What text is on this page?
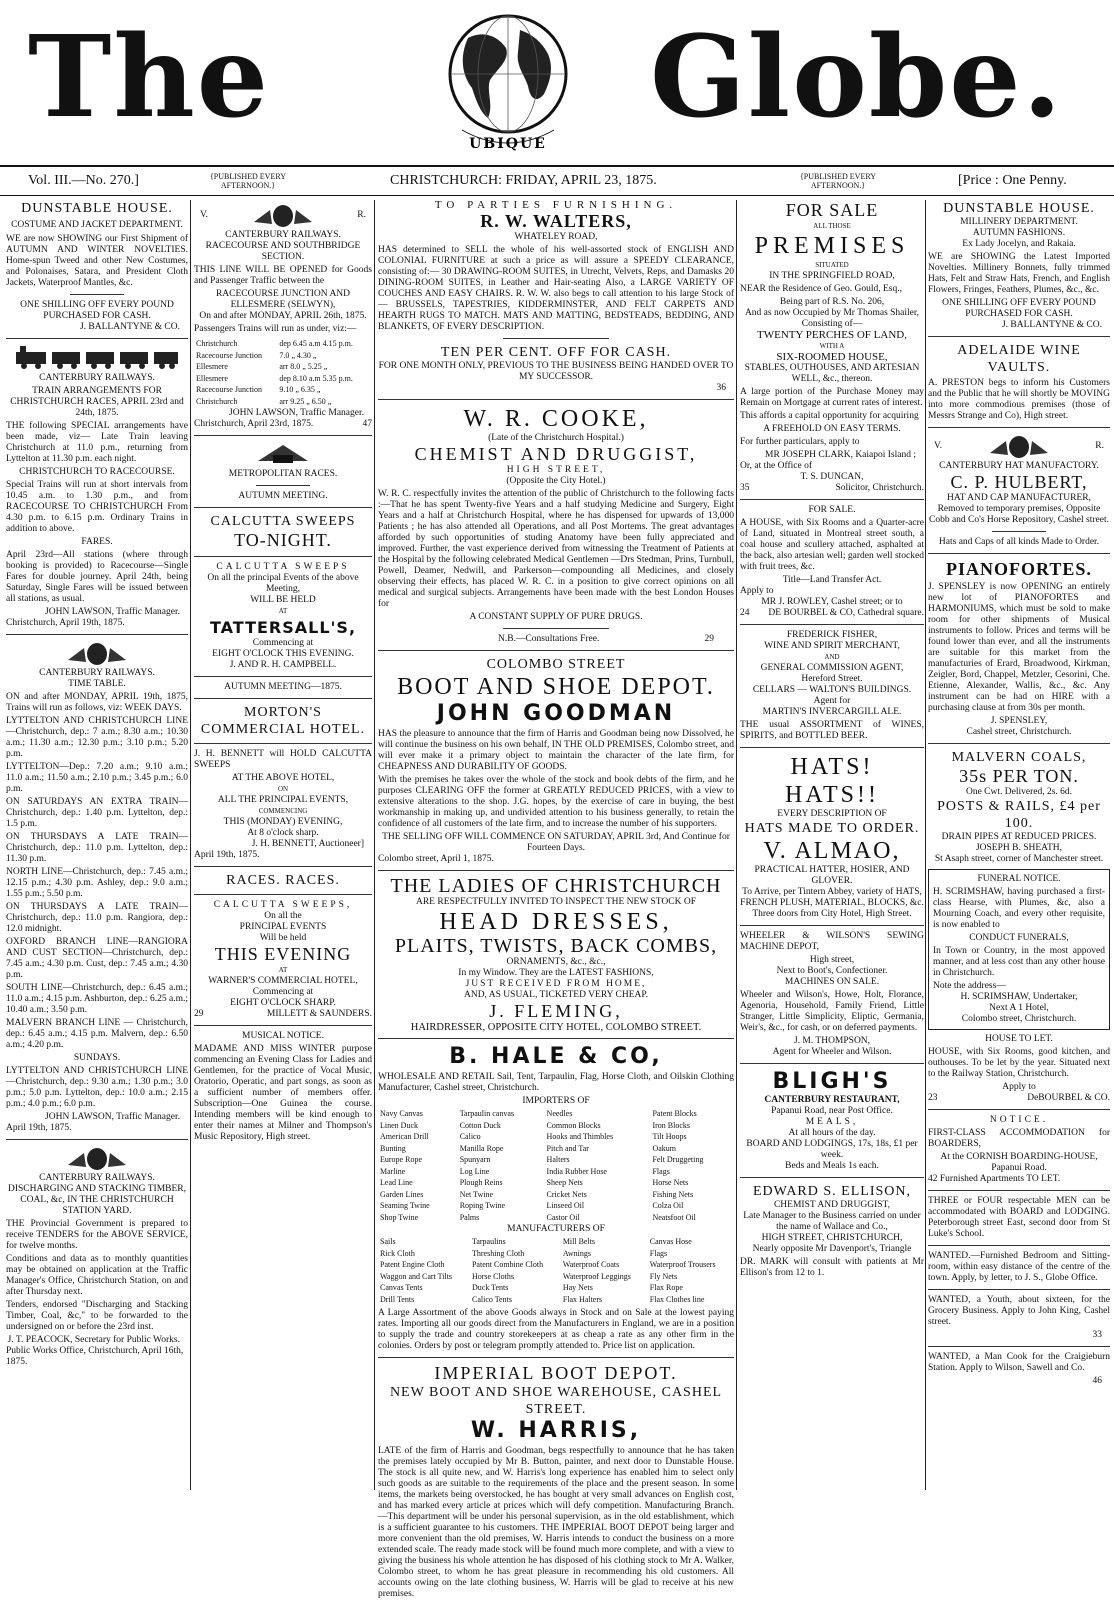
The
UBIQUE
Globe.
Vol. III.—No. 270.]	{PUBLISHED EVERY AFTERNOON.}	CHRISTCHURCH: FRIDAY, APRIL 23, 1875.	{PUBLISHED EVERY AFTERNOON.}	[Price : One Penny.
DUNSTABLE HOUSE.
COSTUME AND JACKET DEPARTMENT.
WE are now SHOWING our First Shipment of AUTUMN AND WINTER NOVELTIES. Home-spun Tweed and other New Costumes, and Polonaises, Satara, and President Cloth Jackets, Waterproof Mantles, &c.
ONE SHILLING OFF EVERY POUND PURCHASED FOR CASH.
J. BALLANTYNE & CO.
CANTERBURY RAILWAYS.
TRAIN ARRANGEMENTS FOR CHRISTCHURCH RACES, APRIL 23rd and 24th, 1875.
THE following SPECIAL arrangements have been made, viz— Late Train leaving Christchurch at 11.0 p.m., returning from Lyttelton at 11.30 p.m. each night.
CHRISTCHURCH TO RACECOURSE.
Special Trains will run at short intervals from 10.45 a.m. to 1.30 p.m., and from RACECOURSE TO CHRISTCHURCH From 4.30 p.m. to 6.15 p.m. Ordinary Trains in addition to above.
FARES.
April 23rd—All stations (where through booking is provided) to Racecourse—Single Fares for double journey. April 24th, being Saturday, Single Fares will be issued between all stations, as usual.
JOHN LAWSON, Traffic Manager.
Christchurch, April 19th, 1875.
CANTERBURY RAILWAYS.
TIME TABLE.
ON and after MONDAY, APRIL 19th, 1875, Trains will run as follows, viz: WEEK DAYS.
LYTTELTON AND CHRISTCHURCH LINE—Christchurch, dep.: 7 a.m.; 8.30 a.m.; 10.30 a.m.; 11.30 a.m.; 12.30 p.m.; 3.10 p.m.; 5.20 p.m.
LYTTELTON—Dep.: 7.20 a.m.; 9.10 a.m.; 11.0 a.m.; 11.50 a.m.; 2.10 p.m.; 3.45 p.m.; 6.0 p.m.
ON SATURDAYS AN EXTRA TRAIN—Christchurch, dep.: 1.40 p.m. Lyttelton, dep.: 1.5 p.m.
ON THURSDAYS A LATE TRAIN—Christchurch, dep.: 11.0 p.m. Lyttelton, dep.: 11.30 p.m.
NORTH LINE—Christchurch, dep.: 7.45 a.m.; 12.15 p.m.; 4.30 p.m. Ashley, dep.: 9.0 a.m.; 1.55 p.m.; 5.50 p.m.
ON THURSDAYS A LATE TRAIN—Christchurch, dep.: 11.0 p.m. Rangiora, dep.: 12.0 midnight.
OXFORD BRANCH LINE—RANGIORA AND CUST SECTION—Christchurch, dep.: 7.45 a.m.; 4.30 p.m. Cust, dep.: 7.45 a.m.; 4.30 p.m.
SOUTH LINE—Christchurch, dep.: 6.45 a.m.; 11.0 a.m.; 4.15 p.m. Ashburton, dep.: 6.25 a.m.; 10.40 a.m.; 3.50 p.m.
MALVERN BRANCH LINE — Christchurch, dep.: 6.45 a.m.; 4.15 p.m. Malvern, dep.: 6.50 a.m.; 4.20 p.m.
SUNDAYS.
LYTTELTON AND CHRISTCHURCH LINE—Christchurch, dep.: 9.30 a.m.; 1.30 p.m.; 3.0 p.m.; 5.0 p.m. Lyttelton, dep.: 10.0 a.m.; 2.15 p.m.; 4.0 p.m.; 6.0 p.m.
JOHN LAWSON, Traffic Manager.
April 19th, 1875.
CANTERBURY RAILWAYS.
DISCHARGING AND STACKING TIMBER, COAL, &c, IN THE CHRISTCHURCH STATION YARD.
THE Provincial Government is prepared to receive TENDERS for the ABOVE SERVICE, for twelve months.
Conditions and data as to monthly quantities may be obtained on application at the Traffic Manager's Office, Christchurch Station, on and after Thursday next.
Tenders, endorsed "Discharging and Stacking Timber, Coal, &c," to be forwarded to the undersigned on or before the 23rd inst.
J. T. PEACOCK, Secretary for Public Works.
Public Works Office, Christchurch, April 16th, 1875.
V.	R.
CANTERBURY RAILWAYS.
RACECOURSE AND SOUTHBRIDGE SECTION.
THIS LINE WILL BE OPENED for Goods and Passenger Traffic between the
RACECOURSE JUNCTION AND ELLESMERE (SELWYN),
On and after MONDAY, APRIL 26th, 1875.
Passengers Trains will run as under, viz:—
Christchurch	dep 6.45 a.m 4.15 p.m.
Racecourse Junction	7.0 „ 4.30 „
Ellesmere	arr 8.0 „ 5.25 „
Ellesmere	dep 8.10 a.m 5.35 p.m.
Racecourse Junction	9.10 „ 6.35 „
Christchurch	arr 9.25 „ 6.50 „
JOHN LAWSON, Traffic Manager.
Christchurch, April 23rd, 1875.	47
METROPOLITAN RACES.
AUTUMN MEETING.
CALCUTTA SWEEPS
TO-NIGHT.
CALCUTTA SWEEPS
On all the principal Events of the above Meeting,
WILL BE HELD
AT
TATTERSALL'S,
Commencing at
EIGHT O'CLOCK THIS EVENING.
J. AND R. H. CAMPBELL.
AUTUMN MEETING—1875.
MORTON'S
COMMERCIAL HOTEL.
J. H. BENNETT will HOLD CALCUTTA SWEEPS
AT THE ABOVE HOTEL,
ON
ALL THE PRINCIPAL EVENTS,
COMMENCING
THIS (MONDAY) EVENING,
At 8 o'clock sharp.
J. H. BENNETT, Auctioneer]
April 19th, 1875.
RACES. RACES.
CALCUTTA SWEEPS,
On all the
PRINCIPAL EVENTS
Will be held
THIS EVENING
AT
WARNER'S COMMERCIAL HOTEL,
Commencing at
EIGHT O'CLOCK SHARP.
29	MILLETT & SAUNDERS.
MUSICAL NOTICE.
MADAME AND MISS WINTER purpose commencing an Evening Class for Ladies and Gentlemen, for the practice of Vocal Music, Oratorio, Operatic, and part songs, as soon as a sufficient number of members offer. Subscription—One Guinea the course. Intending members will be kind enough to enter their names at Milner and Thompson's Music Repository, High street.
TO PARTIES FURNISHING.
R. W. WALTERS,
WHATELEY ROAD,
HAS determined to SELL the whole of his well-assorted stock of ENGLISH AND COLONIAL FURNITURE at such a price as will assure a SPEEDY CLEARANCE, consisting of:— 30 DRAWING-ROOM SUITES, in Utrecht, Velvets, Reps, and Damasks 20 DINING-ROOM SUITES, in Leather and Hair-seating Also, a LARGE VARIETY OF COUCHES AND EASY CHAIRS. R. W. W. also begs to call attention to his large Stock of— BRUSSELS, TAPESTRIES, KIDDERMINSTER, AND FELT CARPETS AND HEARTH RUGS TO MATCH. MATS AND MATTING, BEDSTEADS, BEDDING, AND BLANKETS, OF EVERY DESCRIPTION.
TEN PER CENT. OFF FOR CASH.
FOR ONE MONTH ONLY, PREVIOUS TO THE BUSINESS BEING HANDED OVER TO MY SUCCESSOR.
36
W. R. COOKE,
(Late of the Christchurch Hospital.)
CHEMIST AND DRUGGIST,
HIGH STREET,
(Opposite the City Hotel.)
W. R. C. respectfully invites the attention of the public of Christchurch to the following facts :—That he has spent Twenty-five Years and a half studying Medicine and Surgery, Eight Years and a half at Christchurch Hospital, where he has dispensed for upwards of 13,000 Patients ; he has also attended all Operations, and all Post Mortems. The great advantages afforded by such opportunities of studing Anatomy have been fully appreciated and improved. Further, the vast experience derived from witnessing the Treatment of Patients at the Hospital by the following celebrated Medical Gentlemen —Drs Stedman, Prins, Turnbull, Powell, Deamer, Nedwill, and Parkerson—compounding all Medicines, and closely observing their effects, has placed W. R. C. in a position to give correct opinions on all medical and surgical subjects. Arrangements have been made with the best London Houses for
A CONSTANT SUPPLY OF PURE DRUGS.
N.B.—Consultations Free.	29
COLOMBO STREET
BOOT AND SHOE DEPOT.
JOHN GOODMAN
HAS the pleasure to announce that the firm of Harris and Goodman being now Dissolved, he will continue the business on his own behalf, IN THE OLD PREMISES, Colombo street, and will ever make it a primary object to maintain the character of the late firm, for CHEAPNESS AND DURABILITY OF GOODS.
With the premises he takes over the whole of the stock and book debts of the firm, and he purposes CLEARING OFF the former at GREATLY REDUCED PRICES, with a view to extensive alterations to the shop. J.G. hopes, by the exercise of care in buying, the best workmanship in making up, and undivided attention to his business generally, to retain the confidence of all customers of the late firm, and to increase the number of his supporters.
THE SELLING OFF WILL COMMENCE ON SATURDAY, APRIL 3rd, And Continue for Fourteen Days.
Colombo street, April 1, 1875.
THE LADIES OF CHRISTCHURCH
ARE RESPECTFULLY INVITED TO INSPECT THE NEW STOCK OF
HEAD DRESSES,
PLAITS, TWISTS, BACK COMBS,
ORNAMENTS, &c., &c.,
In my Window. They are the LATEST FASHIONS,
JUST RECEIVED FROM HOME,
AND, AS USUAL, TICKETED VERY CHEAP.
J. FLEMING,
HAIRDRESSER, OPPOSITE CITY HOTEL, COLOMBO STREET.
B. HALE & CO,
WHOLESALE AND RETAIL Sail, Tent, Tarpaulin, Flag, Horse Cloth, and Oilskin Clothing Manufacturer, Cashel street, Christchurch.
IMPORTERS OF
Navy Canvas	Tarpaulin canvas	Needles	Patent Blocks
Linen Duck	Cotton Duck	Common Blocks	Iron Blocks
American Drill	Calico	Hooks and Thimbles	Tilt Hoops
Bunting	Manilla Rope	Pitch and Tar	Oakum
Europe Rope	Spunyarn	Halters	Felt Druggeting
Marline	Log Line	India Rubber Hose	Flags
Lead Line	Plough Reins	Sheep Nets	Horse Nets
Garden Lines	Net Twine	Cricket Nets	Fishing Nets
Seaming Twine	Roping Twine	Linseed Oil	Colza Oil
Shop Twine	Palms	Castor Oil	Neatsfoot Oil
MANUFACTURERS OF
Sails	Tarpaulins	Mill Belts	Canvas Hose
Rick Cloth	Threshing Cloth	Awnings	Flags
Patent Engine Cloth	Patent Combine Cloth	Waterproof Coats	Waterproof Trousers
Waggon and Cart Tilts	Horse Cloths	Waterproof Leggings	Fly Nets
Canvas Tents	Duck Tents	Hay Nets	Flax Rope
Drill Tents	Calico Tents	Flax Halters	Flax Clothes line
A Large Assortment of the above Goods always in Stock and on Sale at the lowest paying rates. Importing all our goods direct from the Manufacturers in England, we are in a position to supply the trade and country storekeepers at as cheap a rate as any other firm in the colonies. Orders by post or telegram promptly attended to. Price list on application.
IMPERIAL BOOT DEPOT.
NEW BOOT AND SHOE WAREHOUSE, CASHEL STREET.
W. HARRIS,
LATE of the firm of Harris and Goodman, begs respectfully to announce that he has taken the premises lately occupied by Mr B. Button, painter, and next door to Dunstable House. The stock is all quite new, and W. Harris's long experience has enabled him to select only such goods as are suitable to the requirements of the place and the present season. In some items, the markets being overstocked, he has bought at very small advances on English cost, and has marked every article at prices which will defy competition. Manufacturing Branch.—This department will be under his personal supervision, as in the old establishment, which is a sufficient guarantee to his customers. THE IMPERIAL BOOT DEPOT being larger and more convenient than the old premises, W. Harris intends to conduct the business on a more extended scale. The ready made stock will be found much more complete, and with a view to giving the business his whole attention he has disposed of his clothing stock to Mr A. Walker, Colombo street, to whom he has great pleasure in recommending his old customers. All accounts owing on the late clothing business, W. Harris will be glad to receive at his new premises.
FOR SALE
ALL THOSE
PREMISES
SITUATED
IN THE SPRINGFIELD ROAD,
NEAR the Residence of Geo. Gould, Esq.,
Being part of R.S. No. 206,
And as now Occupied by Mr Thomas Shailer,
Consisting of—
TWENTY PERCHES OF LAND,
WITH A
SIX-ROOMED HOUSE,
STABLES, OUTHOUSES, AND ARTESIAN WELL, &c., thereon.
A large portion of the Purchase Money may Remain on Mortgage at current rates of interest.
This affords a capital opportunity for acquiring
A FREEHOLD ON EASY TERMS.
For further particulars, apply to
MR JOSEPH CLARK, Kaiapoi Island ;
Or, at the Office of
T. S. DUNCAN,
35	Solicitor, Christchurch.
FOR SALE.
A HOUSE, with Six Rooms and a Quarter-acre of Land, situated in Montreal street south, a coal house and scullery attached, asphalted at the back, also artesian well; garden well stocked with fruit trees, &c.
Title—Land Transfer Act.
Apply to
MR J. ROWLEY, Cashel street; or to
24 DE BOURBEL & CO, Cathedral square.
FREDERICK FISHER,
WINE AND SPIRIT MERCHANT,
AND
GENERAL COMMISSION AGENT,
Hereford Street.
CELLARS — WALTON'S BUILDINGS.
Agent for
MARTIN'S INVERCARGILL ALE.
THE usual ASSORTMENT of WINES, SPIRITS, and BOTTLED BEER.
HATS! HATS!!
EVERY DESCRIPTION OF
HATS MADE TO ORDER.
V. ALMAO,
PRACTICAL HATTER, HOSIER, AND GLOVER.
To Arrive, per Tintern Abbey, variety of HATS, FRENCH PLUSH, MATERIAL, BLOCKS, &c.
Three doors from City Hotel, High Street.
WHEELER & WILSON'S SEWING MACHINE DEPOT,
High street,
Next to Boot's, Confectioner.
MACHINES ON SALE.
Wheeler and Wilson's, Howe, Holt, Florance, Agenoria, Household, Family Friend, Little Stranger, Little Simplicity, Eliptic, Germania, Weir's, &c., for cash, or on deferred payments.
J. M. THOMPSON,
Agent for Wheeler and Wilson.
BLIGH'S
CANTERBURY RESTAURANT,
Papanui Road, near Post Office.
MEALS,
At all hours of the day.
BOARD AND LODGINGS, 17s, 18s, £1 per week.
Beds and Meals 1s each.
EDWARD S. ELLISON,
CHEMIST AND DRUGGIST,
Late Manager to the Business carried on under the name of Wallace and Co.,
HIGH STREET, CHRISTCHURCH,
Nearly opposite Mr Davenport's, Triangle
DR. MARK will consult with patients at Mr Ellison's from 12 to 1.
DUNSTABLE HOUSE.
MILLINERY DEPARTMENT.
AUTUMN FASHIONS.
Ex Lady Jocelyn, and Rakaia.
WE are SHOWING the Latest Imported Novelties. Millinery Bonnets, fully trimmed Hats, Felt and Straw Hats, French, and English Flowers, Fringes, Feathers, Plumes, &c., &c.
ONE SHILLING OFF EVERY POUND PURCHASED FOR CASH.
J. BALLANTYNE & CO.
ADELAIDE WINE VAULTS.
A. PRESTON begs to inform his Customers and the Public that he will shortly be MOVING into more commodious premises (those of Messrs Strange and Co), High street.
V.	R.
CANTERBURY HAT MANUFACTORY.
C. P. HULBERT,
HAT AND CAP MANUFACTURER,
Removed to temporary premises, Opposite Cobb and Co's Horse Repository, Cashel street.
Hats and Caps of all kinds Made to Order.
PIANOFORTES.
J. SPENSLEY is now OPENING an entirely new lot of PIANOFORTES and HARMONIUMS, which must be sold to make room for other shipments of Musical instruments to follow. Prices and terms will be found lower than ever, and all the instruments are suitable for this market from the manufacturies of Erard, Broadwood, Kirkman, Zeigler, Bord, Chappel, Metzler, Cesorini, Che. Etienne, Alexander, Wallis, &c., &c. Any instrument can be had on HIRE with a purchasing clause at from 30s per month.
J. SPENSLEY,
Cashel street, Christchurch.
MALVERN COALS,
35s PER TON.
One Cwt. Delivered, 2s. 6d.
POSTS & RAILS, £4 per 100.
DRAIN PIPES AT REDUCED PRICES.
JOSEPH B. SHEATH,
St Asaph street, corner of Manchester street.
FUNERAL NOTICE.
H. SCRIMSHAW, having purchased a first-class Hearse, with Plumes, &c, also a Mourning Coach, and every other requisite, is now enabled to
CONDUCT FUNERALS,
In Town or Country, in the most appoved manner, and at less cost than any other house in Christchurch.
Note the address—
H. SCRIMSHAW, Undertaker,
Next A 1 Hotel,
Colombo street, Christchurch.
HOUSE TO LET.
HOUSE, with Six Rooms, good kitchen, and outhouses. To be let by the year. Situated next to the Railway Station, Christchurch.
Apply to
23	DeBOURBEL & CO.
NOTICE.
FIRST-CLASS ACCOMMODATION for BOARDERS,
At the CORNISH BOARDING-HOUSE, Papanui Road.
42 Furnished Apartments TO LET.
THREE or FOUR respectable MEN can be accommodated with BOARD and LODGING. Peterborough street East, second door from St Luke's School.
WANTED.—Furnished Bedroom and Sitting-room, within easy distance of the centre of the town. Apply, by letter, to J. S., Globe Office.
WANTED, a Youth, about sixteen, for the Grocery Business. Apply to John King, Cashel street.
33
WANTED, a Man Cook for the Craigieburn Station. Apply to Wilson, Sawell and Co.
46
